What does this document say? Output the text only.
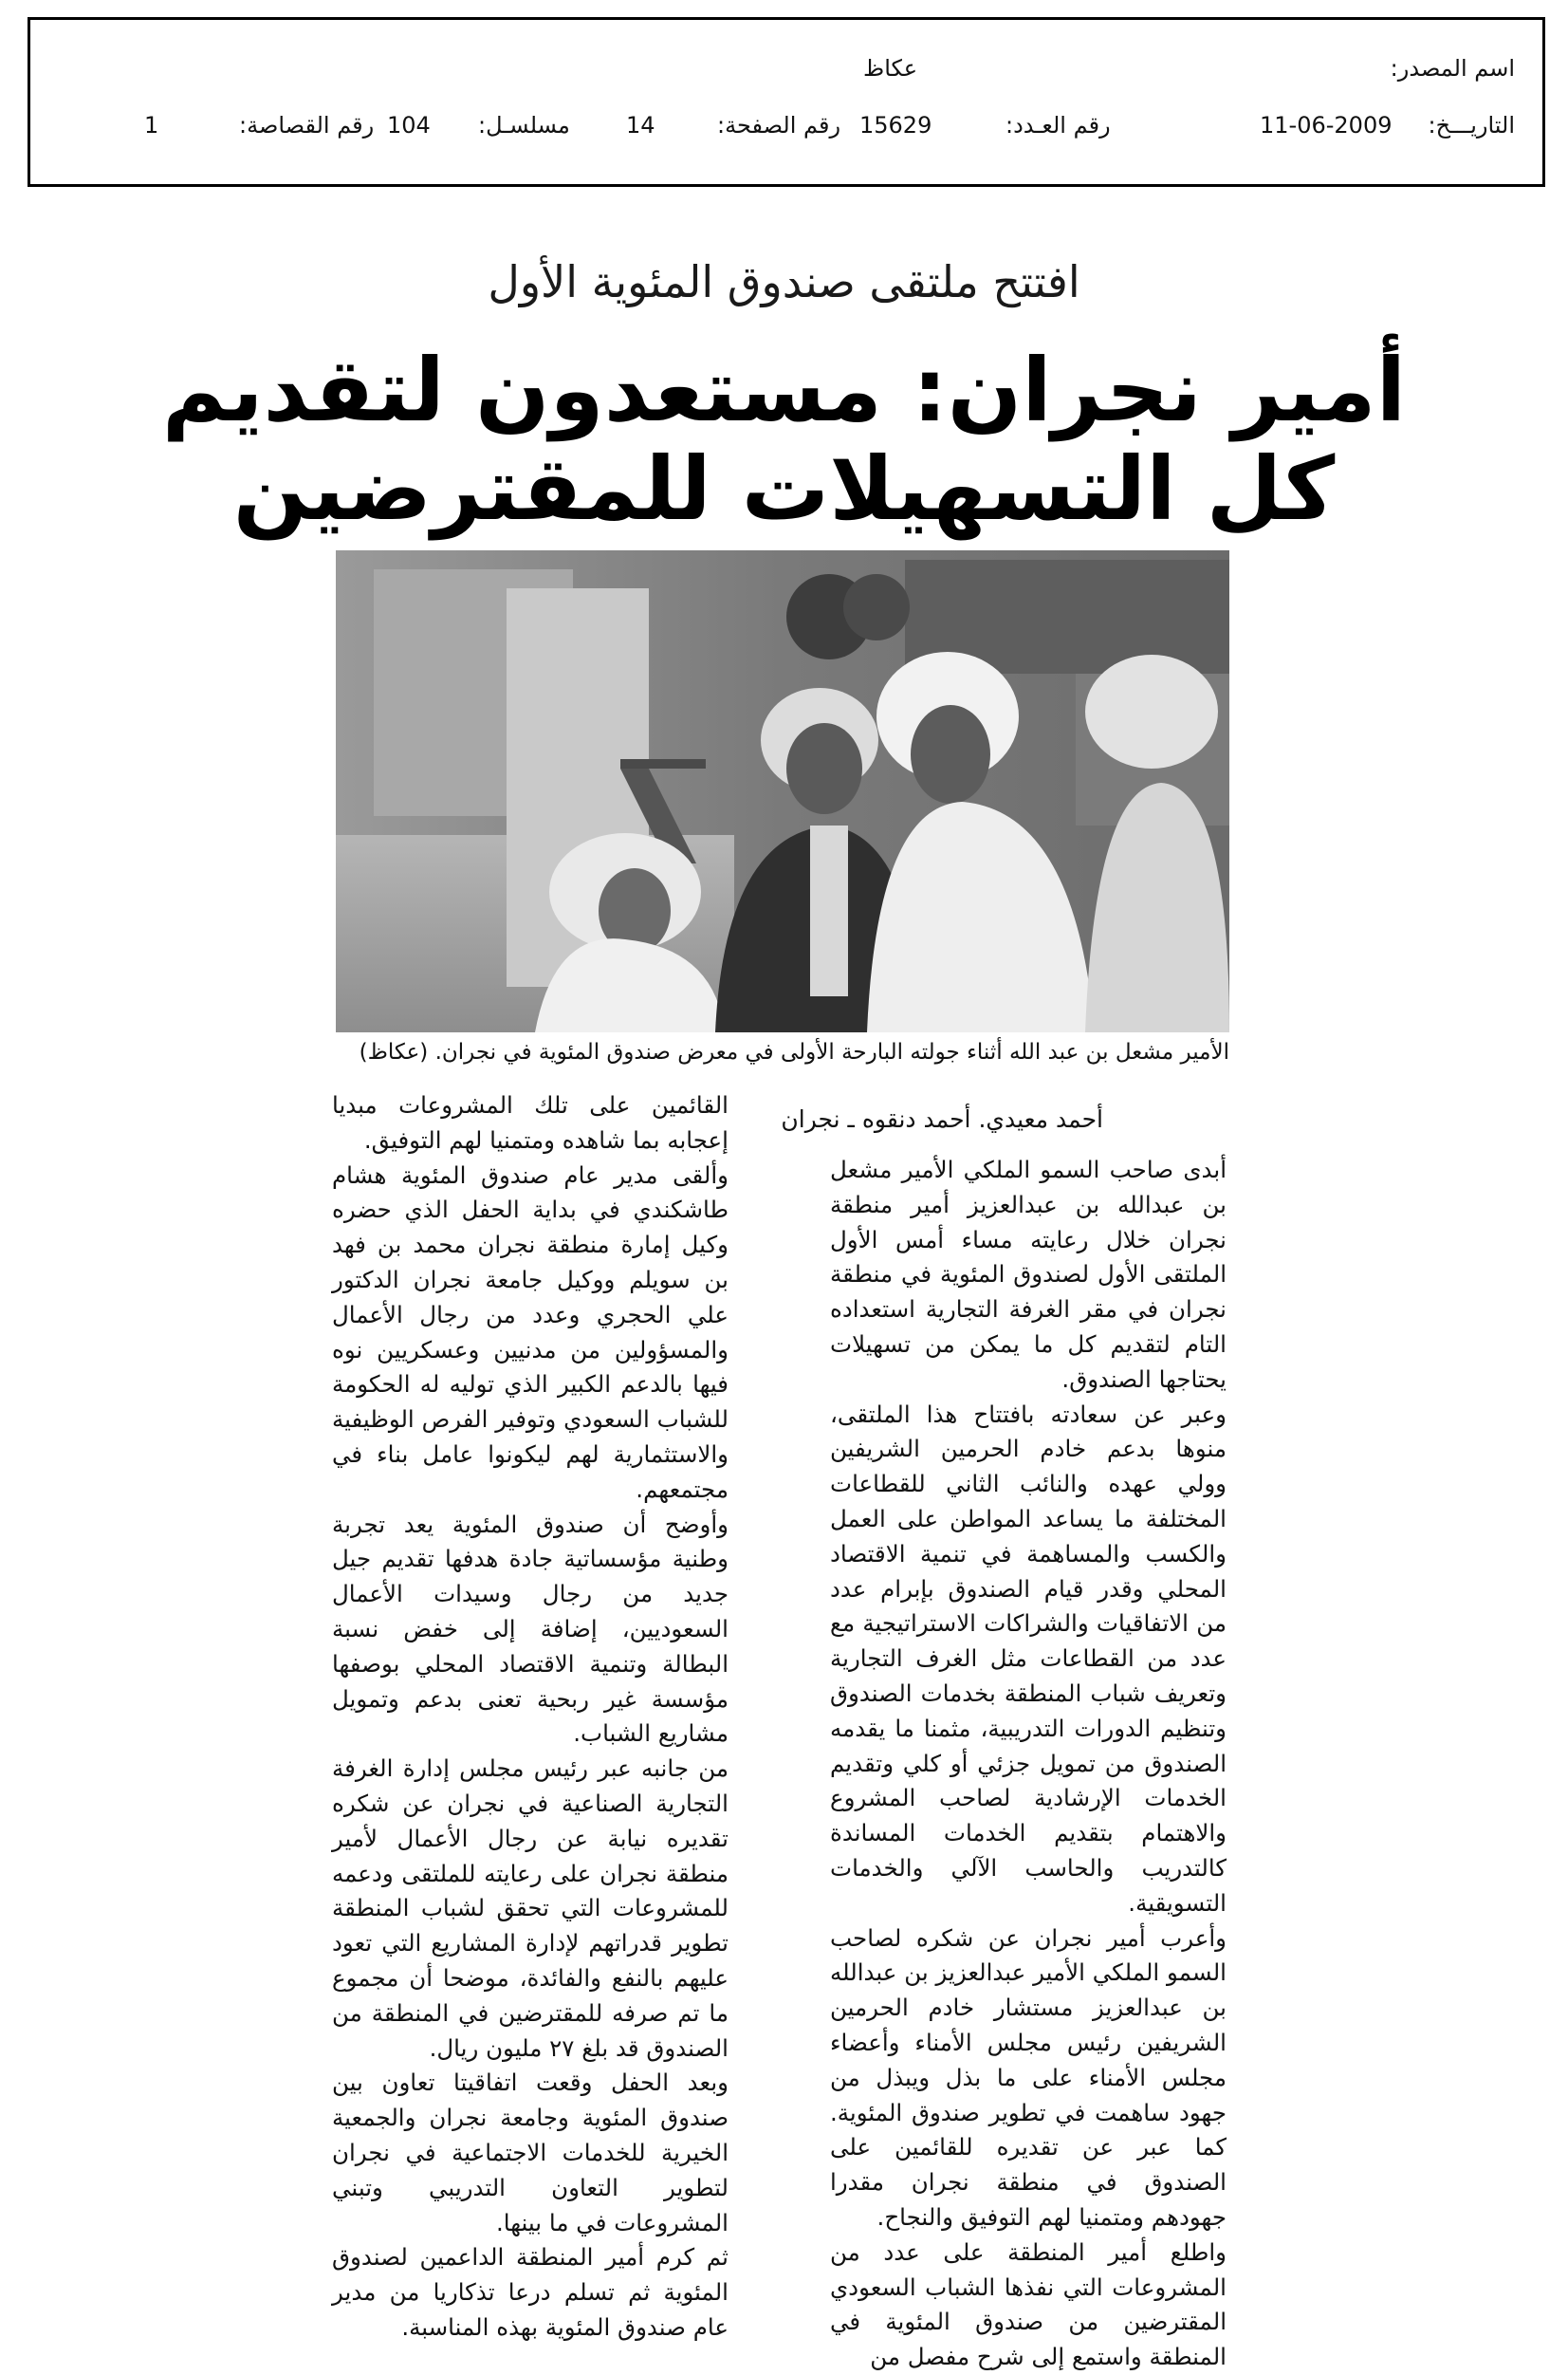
اسم المصدر:
عكاظ
التاريـــخ:
11-06-2009
رقم العـدد:
15629
رقم الصفحة:
14
مسلسـل:
104
رقم القصاصة:
1
افتتح ملتقى صندوق المئوية الأول
أمير نجران: مستعدون لتقديم
كل التسهيلات للمقترضين
الأمير مشعل بن عبد الله أثناء جولته البارحة الأولى في معرض صندوق المئوية في نجران. (عكاظ)
أحمد معيدي. أحمد دنقوه ـ نجران

أبدى صاحب السمو الملكي الأمير مشعل بن عبدالله بن عبدالعزيز أمير منطقة نجران خلال رعايته مساء أمس الأول الملتقى الأول لصندوق المئوية في منطقة نجران في مقر الغرفة التجارية استعداده التام لتقديم كل ما يمكن من تسهيلات يحتاجها الصندوق.

وعبر عن سعادته بافتتاح هذا الملتقى، منوها بدعم خادم الحرمين الشريفين وولي عهده والنائب الثاني للقطاعات المختلفة ما يساعد المواطن على العمل والكسب والمساهمة في تنمية الاقتصاد المحلي وقدر قيام الصندوق بإبرام عدد من الاتفاقيات والشراكات الاستراتيجية مع عدد من القطاعات مثل الغرف التجارية وتعريف شباب المنطقة بخدمات الصندوق وتنظيم الدورات التدريبية، مثمنا ما يقدمه الصندوق من تمويل جزئي أو كلي وتقديم الخدمات الإرشادية لصاحب المشروع والاهتمام بتقديم الخدمات المساندة كالتدريب والحاسب الآلي والخدمات التسويقية.

وأعرب أمير نجران عن شكره لصاحب السمو الملكي الأمير عبدالعزيز بن عبدالله بن عبدالعزيز مستشار خادم الحرمين الشريفين رئيس مجلس الأمناء وأعضاء مجلس الأمناء على ما بذل ويبذل من جهود ساهمت في تطوير صندوق المئوية. كما عبر عن تقديره للقائمين على الصندوق في منطقة نجران مقدرا جهودهم ومتمنيا لهم التوفيق والنجاح.

واطلع أمير المنطقة على عدد من المشروعات التي نفذها الشباب السعودي المقترضين من صندوق المئوية في المنطقة واستمع إلى شرح مفصل من

القائمين على تلك المشروعات مبديا إعجابه بما شاهده ومتمنيا لهم التوفيق.

وألقى مدير عام صندوق المئوية هشام طاشكندي في بداية الحفل الذي حضره وكيل إمارة منطقة نجران محمد بن فهد بن سويلم ووكيل جامعة نجران الدكتور علي الحجري وعدد من رجال الأعمال والمسؤولين من مدنيين وعسكريين نوه فيها بالدعم الكبير الذي توليه له الحكومة للشباب السعودي وتوفير الفرص الوظيفية والاستثمارية لهم ليكونوا عامل بناء في مجتمعهم.

وأوضح أن صندوق المئوية يعد تجربة وطنية مؤسساتية جادة هدفها تقديم جيل جديد من رجال وسيدات الأعمال السعوديين، إضافة إلى خفض نسبة البطالة وتنمية الاقتصاد المحلي بوصفها مؤسسة غير ربحية تعنى بدعم وتمويل مشاريع الشباب.

من جانبه عبر رئيس مجلس إدارة الغرفة التجارية الصناعية في نجران عن شكره تقديره نيابة عن رجال الأعمال لأمير منطقة نجران على رعايته للملتقى ودعمه للمشروعات التي تحقق لشباب المنطقة تطوير قدراتهم لإدارة المشاريع التي تعود عليهم بالنفع والفائدة، موضحا أن مجموع ما تم صرفه للمقترضين في المنطقة من الصندوق قد بلغ ٢٧ مليون ريال.

وبعد الحفل وقعت اتفاقيتا تعاون بين صندوق المئوية وجامعة نجران والجمعية الخيرية للخدمات الاجتماعية في نجران لتطوير التعاون التدريبي وتبني المشروعات في ما بينها.

ثم كرم أمير المنطقة الداعمين لصندوق المئوية ثم تسلم درعا تذكاريا من مدير عام صندوق المئوية بهذه المناسبة.
